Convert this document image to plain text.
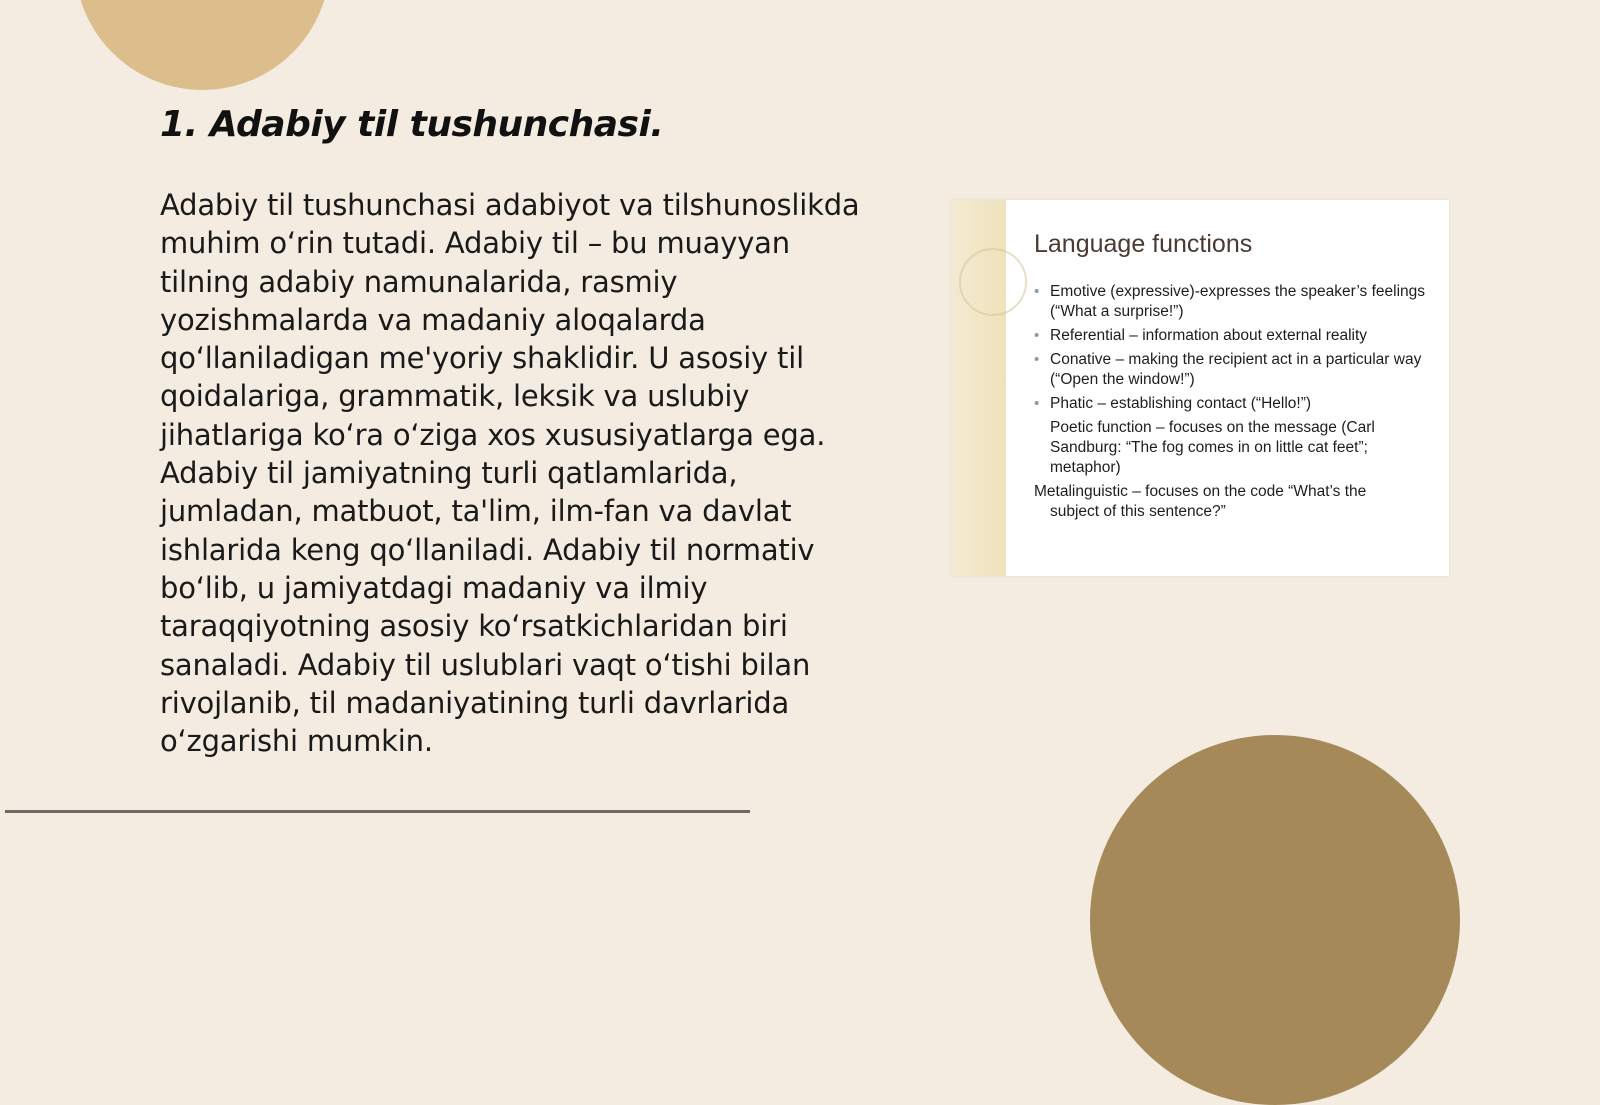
1. Adabiy til tushunchasi.

Adabiy til tushunchasi adabiyot va tilshunoslikda muhim o‘rin tutadi. Adabiy til – bu muayyan tilning adabiy namunalarida, rasmiy yozishmalarda va madaniy aloqalarda qo‘llaniladigan me'yoriy shaklidir. U asosiy til qoidalariga, grammatik, leksik va uslubiy jihatlariga ko‘ra o‘ziga xos xususiyatlarga ega. Adabiy til jamiyatning turli qatlamlarida, jumladan, matbuot, ta'lim, ilm-fan va davlat ishlarida keng qo‘llaniladi. Adabiy til normativ bo‘lib, u jamiyatdagi madaniy va ilmiy taraqqiyotning asosiy ko‘rsatkichlaridan biri sanaladi. Adabiy til uslublari vaqt o‘tishi bilan rivojlanib, til madaniyatining turli davrlarida o‘zgarishi mumkin.

Language functions
• Emotive (expressive)-expresses the speaker’s feelings (“What a surprise!”)
• Referential – information about external reality
• Conative – making the recipient act in a particular way (“Open the window!”)
• Phatic – establishing contact (“Hello!”)
Poetic function – focuses on the message (Carl Sandburg: “The fog comes in on little cat feet”; metaphor)
Metalinguistic – focuses on the code “What’s the
subject of this sentence?”
